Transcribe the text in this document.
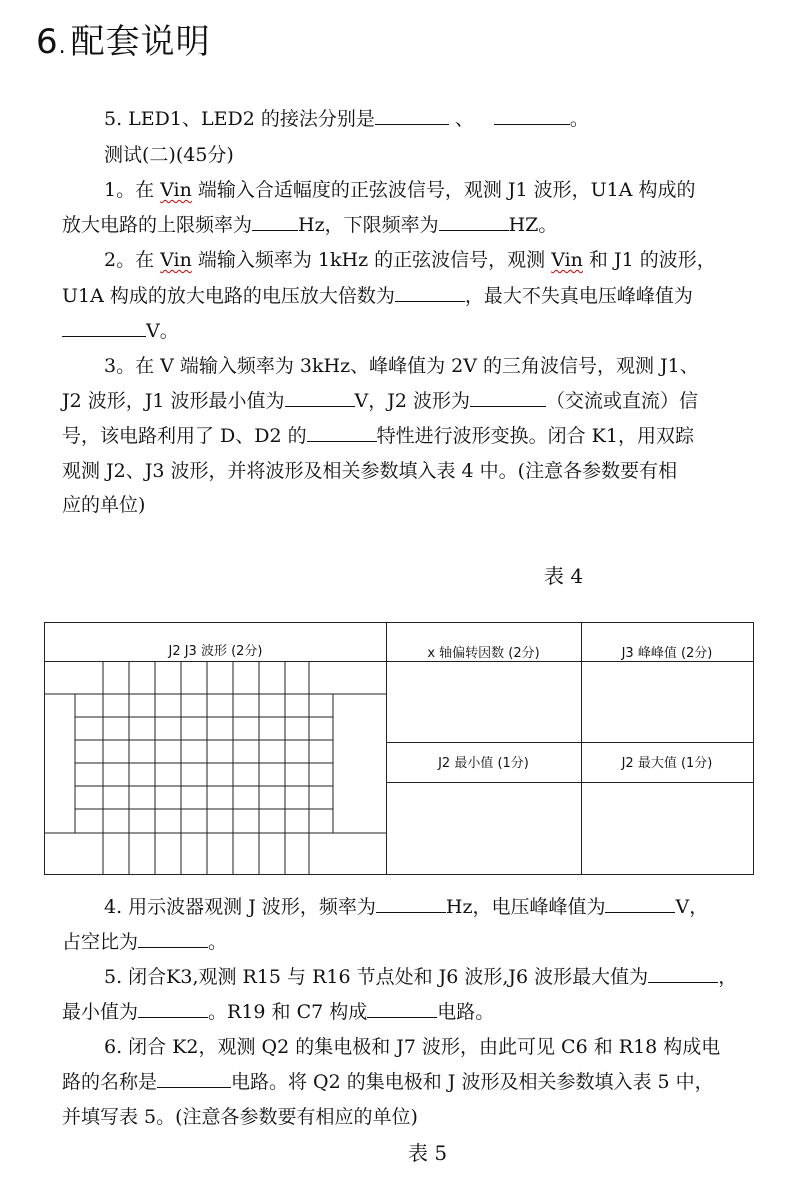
6. 配套说明
5. LED1、LED2 的接法分别是	、	。
测试(二)(45分)
1。在 Vin 端输入合适幅度的正弦波信号，观测 J1 波形，U1A 构成的
放大电路的上限频率为 Hz，下限频率为	HZ。
2。在 Vin 端输入频率为 1kHz 的正弦波信号，观测 Vin 和 J1 的波形，
U1A 构成的放大电路的电压放大倍数为	，最大不失真电压峰峰值为
V。
3。在 V 端输入频率为 3kHz、峰峰值为 2V 的三角波信号，观测 J1、
J2 波形，J1 波形最小值为	V，J2 波形为	（交流或直流）信
号，该电路利用了 D、D2 的	特性进行波形变换。闭合 K1，用双踪
观测 J2、J3 波形，并将波形及相关参数填入表 4 中。(注意各参数要有相
应的单位)
表 4
J2 J3 波形 (2分)	x 轴偏转因数 (2分)	J3 峰峰值 (2分)
J2 最小值 (1分)	J2 最大值 (1分)
4. 用示波器观测 J 波形，频率为	Hz，电压峰峰值为	V，
占空比为	。
5. 闭合K3,观测 R15 与 R16 节点处和 J6 波形,J6 波形最大值为	，
最小值为	。R19 和 C7 构成	电路。
6. 闭合 K2，观测 Q2 的集电极和 J7 波形，由此可见 C6 和 R18 构成电
路的名称是	电路。将 Q2 的集电极和 J 波形及相关参数填入表 5 中，
并填写表 5。(注意各参数要有相应的单位)
表 5
